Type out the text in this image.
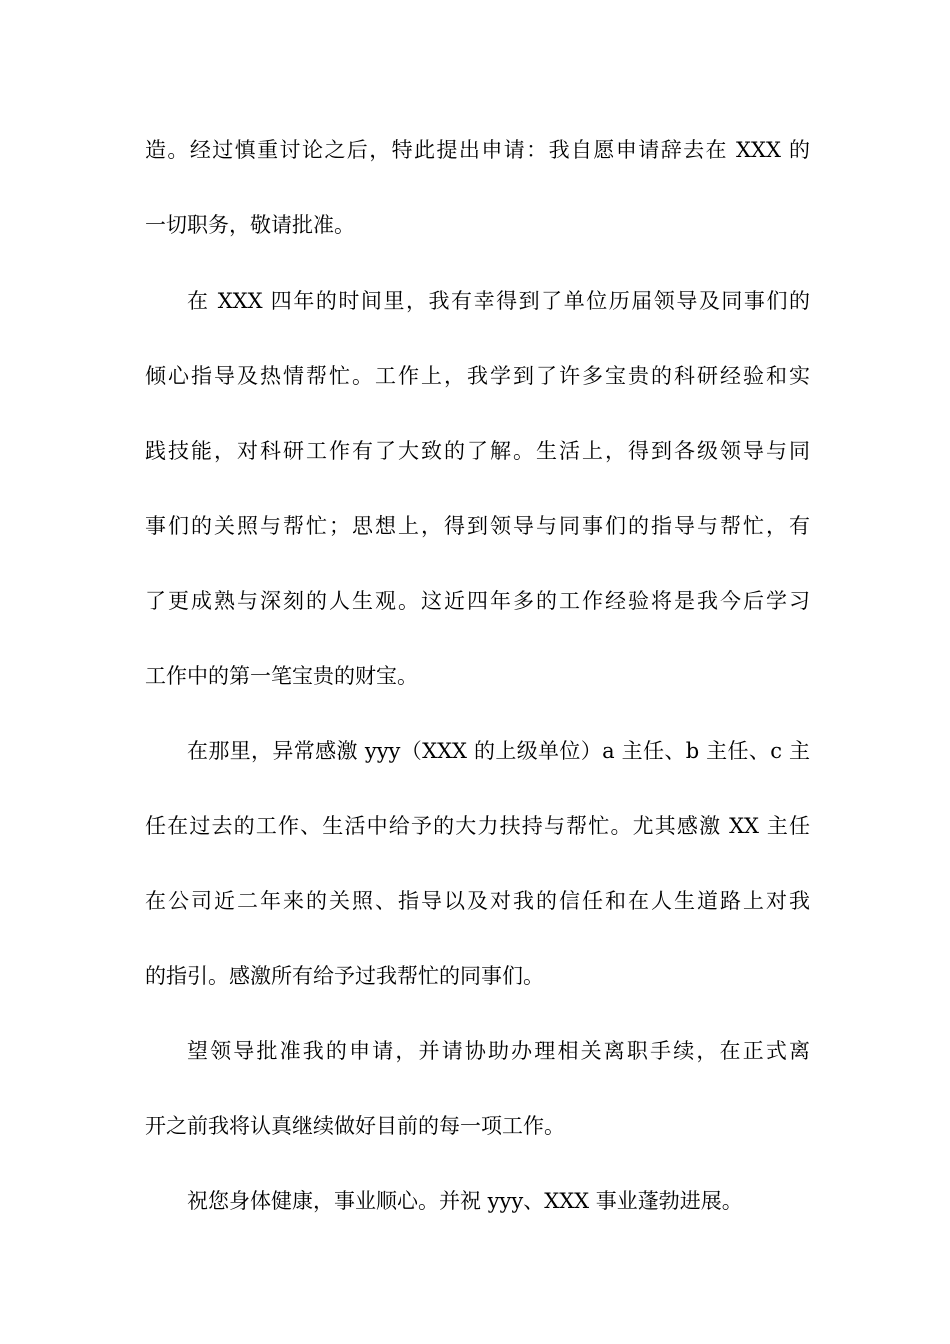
造。经过慎重讨论之后，特此提出申请：我自愿申请辞去在 XXX 的
一切职务，敬请批准。
在 XXX 四年的时间里，我有幸得到了单位历届领导及同事们的
倾心指导及热情帮忙。工作上，我学到了许多宝贵的科研经验和实
践技能，对科研工作有了大致的了解。生活上，得到各级领导与同
事们的关照与帮忙；思想上，得到领导与同事们的指导与帮忙，有
了更成熟与深刻的人生观。这近四年多的工作经验将是我今后学习
工作中的第一笔宝贵的财宝。
在那里，异常感激 yyy（XXX 的上级单位）a 主任、b 主任、c 主
任在过去的工作、生活中给予的大力扶持与帮忙。尤其感激 XX 主任
在公司近二年来的关照、指导以及对我的信任和在人生道路上对我
的指引。感激所有给予过我帮忙的同事们。
望领导批准我的申请，并请协助办理相关离职手续，在正式离
开之前我将认真继续做好目前的每一项工作。
祝您身体健康，事业顺心。并祝 yyy、XXX 事业蓬勃进展。
